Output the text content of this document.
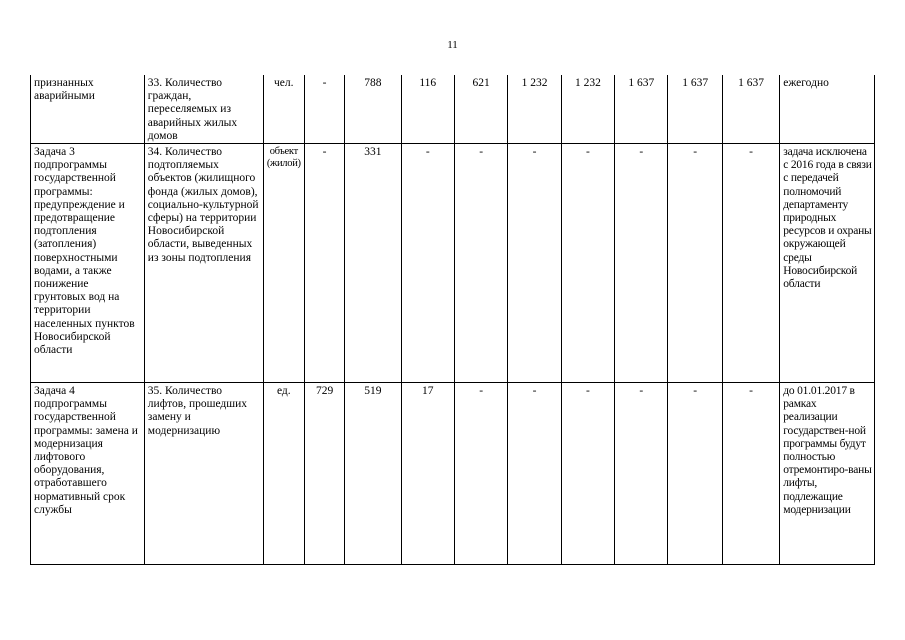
11
признанных аварийными	33. Количество граждан, переселяемых из аварийных жилых домов	чел.	-	788	116	621	1 232	1 232	1 637	1 637	1 637	ежегодно
Задача 3 подпрограммы государственной программы: предупреждение и предотвращение подтопления (затопления) поверхностными водами, а также понижение грунтовых вод на территории населенных пунктов Новосибирской области	34. Количество подтопляемых объектов (жилищного фонда (жилых домов), социально-культурной сферы) на территории Новосибирской области, выведенных из зоны подтопления	объект (жилой)	-	331	-	-	-	-	-	-	-	задача исключена с 2016 года в связи с передачей полномочий департаменту природных ресурсов и охраны окружающей среды Новосибирской области
Задача 4 подпрограммы государственной программы: замена и модернизация лифтового оборудования, отработавшего нормативный срок службы	35. Количество лифтов, прошедших замену и модернизацию	ед.	729	519	17	-	-	-	-	-	-	до 01.01.2017 в рамках реализации государствен-ной программы будут полностью отремонтиро-ваны лифты, подлежащие модернизации
